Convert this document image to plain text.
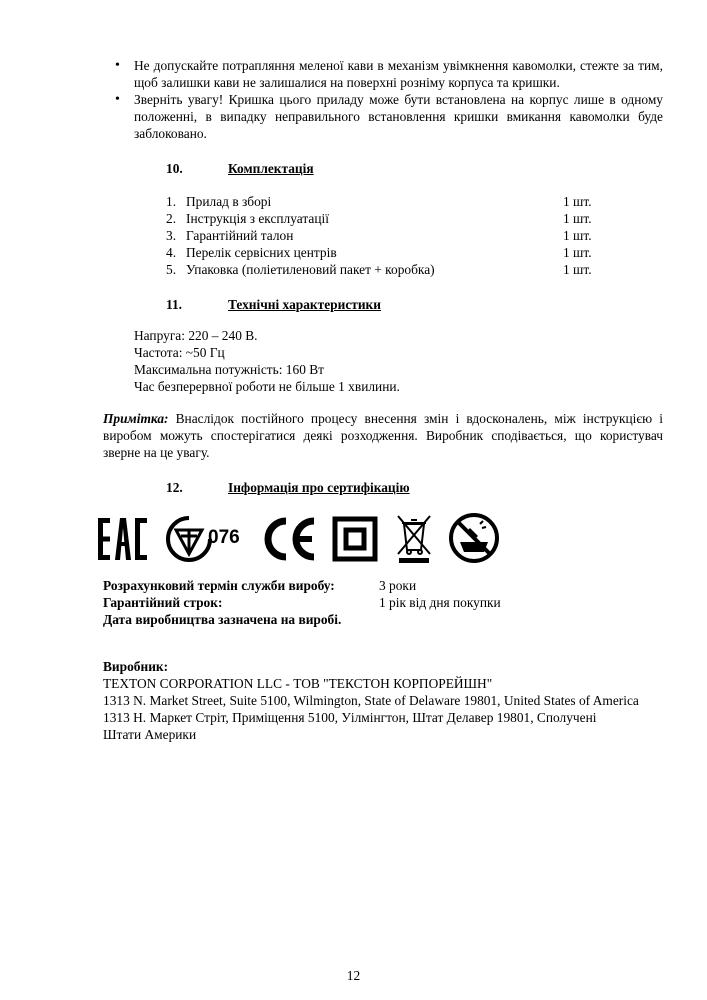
• Не допускайте потрапляння меленої кави в механізм увімкнення кавомолки, стежте за тим, щоб залишки кави не залишалися на поверхні розніму корпуса та кришки.
• Зверніть увагу! Кришка цього приладу може бути встановлена на корпус лише в одному положенні, в випадку неправильного встановлення кришки вмикання кавомолки буде заблоковано.
10.	Комплектація
1. Прилад в зборі	1 шт.
2. Інструкція з експлуатації	1 шт.
3. Гарантійний талон	1 шт.
4. Перелік сервісних центрів	1 шт.
5. Упаковка (поліетиленовий пакет + коробка)	1 шт.
11.	Технічні характеристики
Напруга: 220 – 240 В.
Частота: ~50 Гц
Максимальна потужність: 160 Вт
Час безперервної роботи не більше 1 хвилини.
Примітка: Внаслідок постійного процесу внесення змін і вдосконалень, між інструкцією і виробом можуть спостерігатися деякі розходження. Виробник сподівається, що користувач зверне на це увагу.
12.	Інформація про сертифікацію
076
Розрахунковий термін служби виробу:	3 роки
Гарантійний строк:	1 рік від дня покупки
Дата виробництва зазначена на виробі.
Виробник:
TEXTON CORPORATION LLC - ТОВ "ТЕКСТОН КОРПОРЕЙШН"
1313 N. Market Street, Suite 5100, Wilmington, State of Delaware 19801, United States of America
1313 Н. Маркет Стріт, Приміщення 5100, Уілмінгтон, Штат Делавер 19801, Сполучені Штати Америки
12
